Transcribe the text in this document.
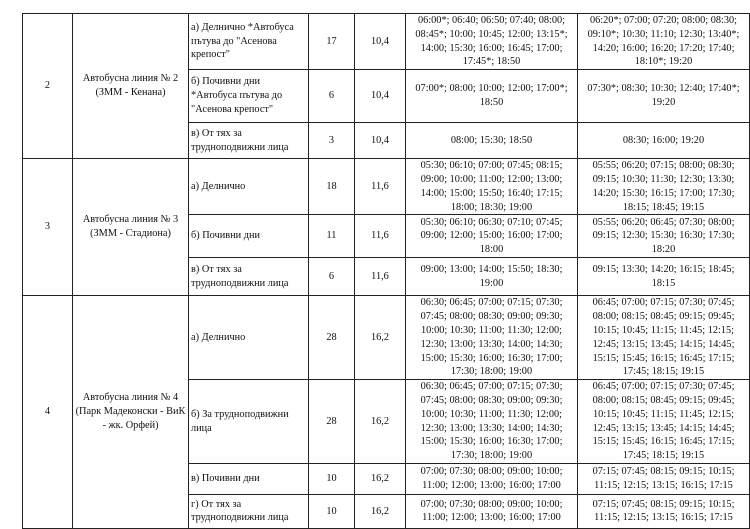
2	Автобусна линия № 2 (ЗММ - Кенана)	а) Делнично *Автобуса пътува до "Асенова крепост"	17	10,4	06:00*; 06:40; 06:50; 07:40; 08:00; 08:45*; 10:00; 10:45; 12:00; 13:15*; 14:00; 15:30; 16:00; 16:45; 17:00; 17:45*; 18:50	06:20*; 07:00; 07:20; 08:00; 08:30; 09:10*; 10:30; 11:10; 12:30; 13:40*; 14:20; 16:00; 16:20; 17:20; 17:40; 18:10*; 19:20
		б) Почивни дни *Автобуса пътува до "Асенова крепост"	6	10,4	07:00*; 08:00; 10:00; 12:00; 17:00*; 18:50	07:30*; 08:30; 10:30; 12:40; 17:40*; 19:20
		в) От тях за трудноподвижни лица	3	10,4	08:00; 15:30; 18:50	08:30; 16:00; 19:20
3	Автобусна линия № 3 (ЗММ - Стадиона)	а) Делнично	18	11,6	05:30; 06:10; 07:00; 07:45; 08:15; 09:00; 10:00; 11:00; 12:00; 13:00; 14:00; 15:00; 15:50; 16:40; 17:15; 18:00; 18:30; 19:00	05:55; 06:20; 07:15; 08:00; 08:30; 09:15; 10:30; 11:30; 12:30; 13:30; 14:20; 15:30; 16:15; 17:00; 17:30; 18:15; 18:45; 19:15
		б) Почивни дни	11	11,6	05:30; 06:10; 06:30; 07:10; 07:45; 09:00; 12:00; 15:00; 16:00; 17:00; 18:00	05:55; 06:20; 06:45; 07:30; 08:00; 09:15; 12:30; 15:30; 16:30; 17:30; 18:20
		в) От тях за трудноподвижни лица	6	11,6	09:00; 13:00; 14:00; 15:50; 18:30; 19:00	09:15; 13:30; 14:20; 16:15; 18:45; 18:15
4	Автобусна линия № 4 (Парк Мадеконски - ВиК - жк. Орфей)	а) Делнично	28	16,2	06:30; 06:45; 07:00; 07:15; 07:30; 07:45; 08:00; 08:30; 09:00; 09:30; 10:00; 10:30; 11:00; 11:30; 12:00; 12:30; 13:00; 13:30; 14:00; 14:30; 15:00; 15:30; 16:00; 16:30; 17:00; 17:30; 18:00; 19:00	06:45; 07:00; 07:15; 07:30; 07:45; 08:00; 08:15; 08:45; 09:15; 09:45; 10:15; 10:45; 11:15; 11:45; 12:15; 12:45; 13:15; 13:45; 14:15; 14:45; 15:15; 15:45; 16:15; 16:45; 17:15; 17:45; 18:15; 19:15
		б) За трудноподвижни лица	28	16,2	06:30; 06:45; 07:00; 07:15; 07:30; 07:45; 08:00; 08:30; 09:00; 09:30; 10:00; 10:30; 11:00; 11:30; 12:00; 12:30; 13:00; 13:30; 14:00; 14:30; 15:00; 15:30; 16:00; 16:30; 17:00; 17:30; 18:00; 19:00	06:45; 07:00; 07:15; 07:30; 07:45; 08:00; 08:15; 08:45; 09:15; 09:45; 10:15; 10:45; 11:15; 11:45; 12:15; 12:45; 13:15; 13:45; 14:15; 14:45; 15:15; 15:45; 16:15; 16:45; 17:15; 17:45; 18:15; 19:15
		в) Почивни дни	10	16,2	07:00; 07:30; 08:00; 09:00; 10:00; 11:00; 12:00; 13:00; 16:00; 17:00	07:15; 07:45; 08:15; 09:15; 10:15; 11:15; 12:15; 13:15; 16:15; 17:15
		г) От тях за трудноподвижни лица	10	16,2	07:00; 07:30; 08:00; 09:00; 10:00; 11:00; 12:00; 13:00; 16:00; 17:00	07:15; 07:45; 08:15; 09:15; 10:15; 11:15; 12:15; 13:15; 16:15; 17:15
